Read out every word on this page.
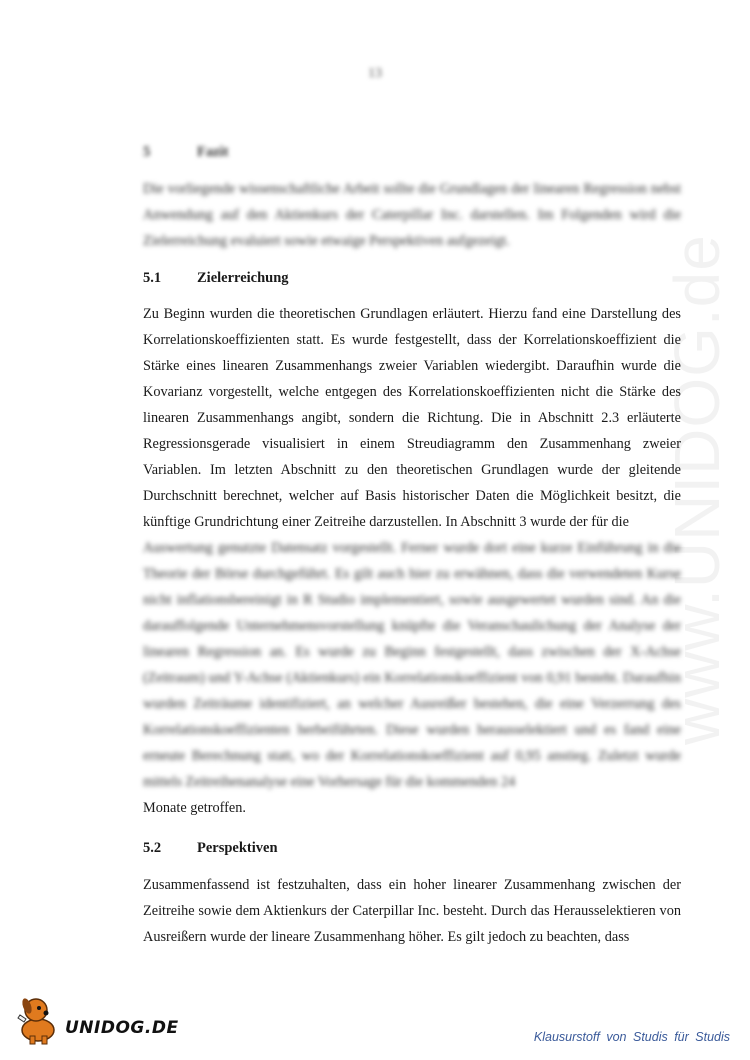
13
5	Fazit

Die vorliegende wissenschaftliche Arbeit sollte die Grundlagen der linearen Regression nebst Anwendung auf den Aktienkurs der Caterpillar Inc. darstellen. Im Folgenden wird die Zielerreichung evaluiert sowie etwaige Perspektiven aufgezeigt.

5.1 Zielerreichung

Zu Beginn wurden die theoretischen Grundlagen erläutert. Hierzu fand eine Darstellung des Korrelationskoeffizienten statt. Es wurde festgestellt, dass der Korrelationskoeffizient die Stärke eines linearen Zusammenhangs zweier Variablen wiedergibt. Daraufhin wurde die Kovarianz vorgestellt, welche entgegen des Korrelationskoeffizienten nicht die Stärke des linearen Zusammenhangs angibt, sondern die Richtung. Die in Abschnitt 2.3 erläuterte Regressionsgerade visualisiert in einem Streudiagramm den Zusammenhang zweier Variablen. Im letzten Abschnitt zu den theoretischen Grundlagen wurde der gleitende Durchschnitt berechnet, welcher auf Basis historischer Daten die Möglichkeit besitzt, die künftige Grundrichtung einer Zeitreihe darzustellen. In Abschnitt 3 wurde der für die

Auswertung genutzte Datensatz vorgestellt. Ferner wurde dort eine kurze Einführung in die Theorie der Börse durchgeführt. Es gilt auch hier zu erwähnen, dass die verwendeten Kurse nicht inflationsbereinigt in R Studio implementiert, sowie ausgewertet wurden sind. An die darauffolgende Unternehmensvorstellung knüpfte die Veranschaulichung der Analyse der linearen Regression an. Es wurde zu Beginn festgestellt, dass zwischen der X-Achse (Zeitraum) und Y-Achse (Aktienkurs) ein Korrelationskoeffizient von 0,91 besteht. Daraufhin wurden Zeiträume identifiziert, an welcher Ausreißer bestehen, die eine Verzerrung des Korrelationskoeffizienten herbeiführten. Diese wurden herausselektiert und es fand eine erneute Berechnung statt, wo der Korrelationskoeffizient auf 0,95 anstieg. Zuletzt wurde mittels Zeitreihenanalyse eine Vorhersage für die kommenden 24

Monate getroffen.

5.2 Perspektiven

Zusammenfassend ist festzuhalten, dass ein hoher linearer Zusammenhang zwischen der Zeitreihe sowie dem Aktienkurs der Caterpillar Inc. besteht. Durch das Herausselektieren von Ausreißern wurde der lineare Zusammenhang höher. Es gilt jedoch zu beachten, dass

www.UNIDOG.de
UNIDOG.DE	Klausurstoff von Studis für Studis
